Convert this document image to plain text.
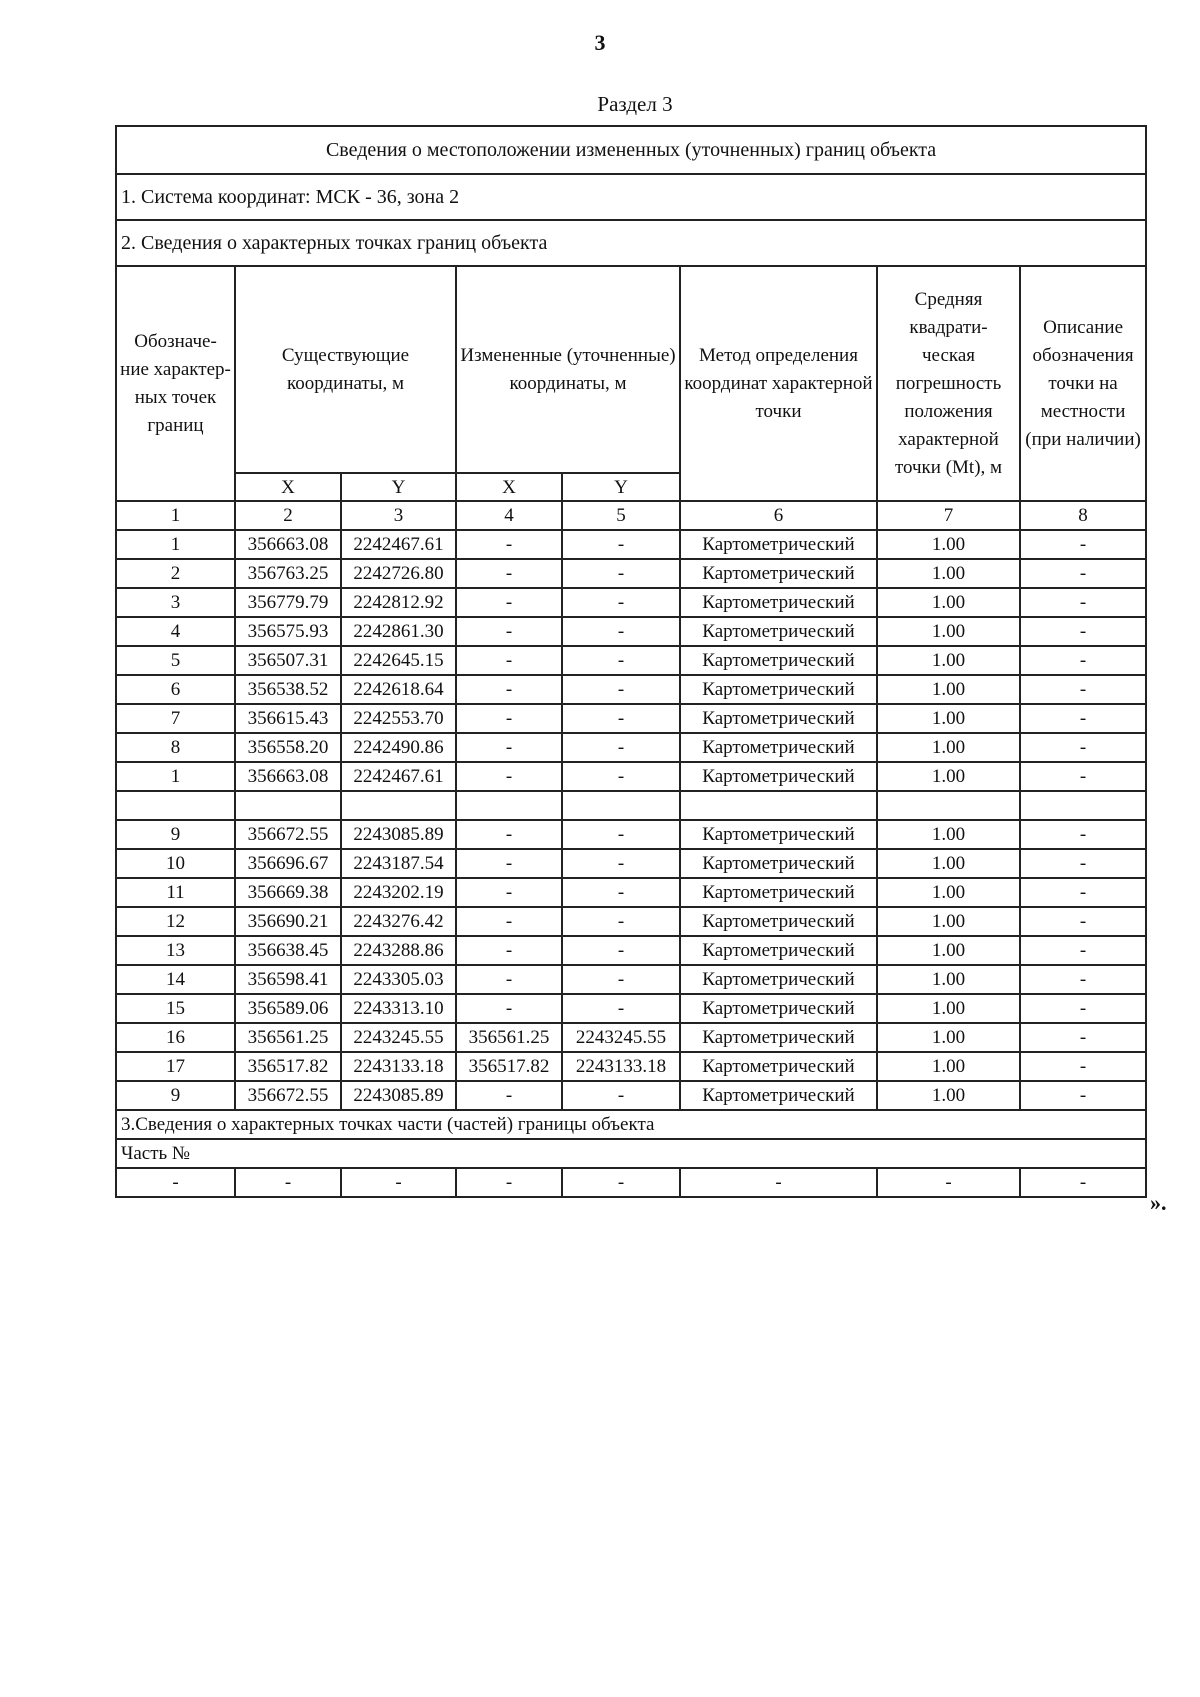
3
Раздел 3
Сведения о местоположении измененных (уточненных) границ объекта							
1. Система координат: МСК - 36, зона 2							
2. Сведения о характерных точках границ объекта							
Обозначе- ние характер- ных точек границ	Существующие координаты, м		Измененные (уточненные) координаты, м		Метод определения координат характерной точки	Средняя квадрати- ческая погрешность положения характерной точки (Mt), м	Описание обозначения точки на местности (при наличии)
	X	Y	X	Y			
1	2	3	4	5	6	7	8
1	356663.08	2242467.61	-	-	Картометрический	1.00	-
2	356763.25	2242726.80	-	-	Картометрический	1.00	-
3	356779.79	2242812.92	-	-	Картометрический	1.00	-
4	356575.93	2242861.30	-	-	Картометрический	1.00	-
5	356507.31	2242645.15	-	-	Картометрический	1.00	-
6	356538.52	2242618.64	-	-	Картометрический	1.00	-
7	356615.43	2242553.70	-	-	Картометрический	1.00	-
8	356558.20	2242490.86	-	-	Картометрический	1.00	-
1	356663.08	2242467.61	-	-	Картометрический	1.00	-

9	356672.55	2243085.89	-	-	Картометрический	1.00	-
10	356696.67	2243187.54	-	-	Картометрический	1.00	-
11	356669.38	2243202.19	-	-	Картометрический	1.00	-
12	356690.21	2243276.42	-	-	Картометрический	1.00	-
13	356638.45	2243288.86	-	-	Картометрический	1.00	-
14	356598.41	2243305.03	-	-	Картометрический	1.00	-
15	356589.06	2243313.10	-	-	Картометрический	1.00	-
16	356561.25	2243245.55	356561.25	2243245.55	Картометрический	1.00	-
17	356517.82	2243133.18	356517.82	2243133.18	Картометрический	1.00	-
9	356672.55	2243085.89	-	-	Картометрический	1.00	-
3.Сведения о характерных точках части (частей) границы объекта							
Часть №							
-	-	-	-	-	-	-	-
».
